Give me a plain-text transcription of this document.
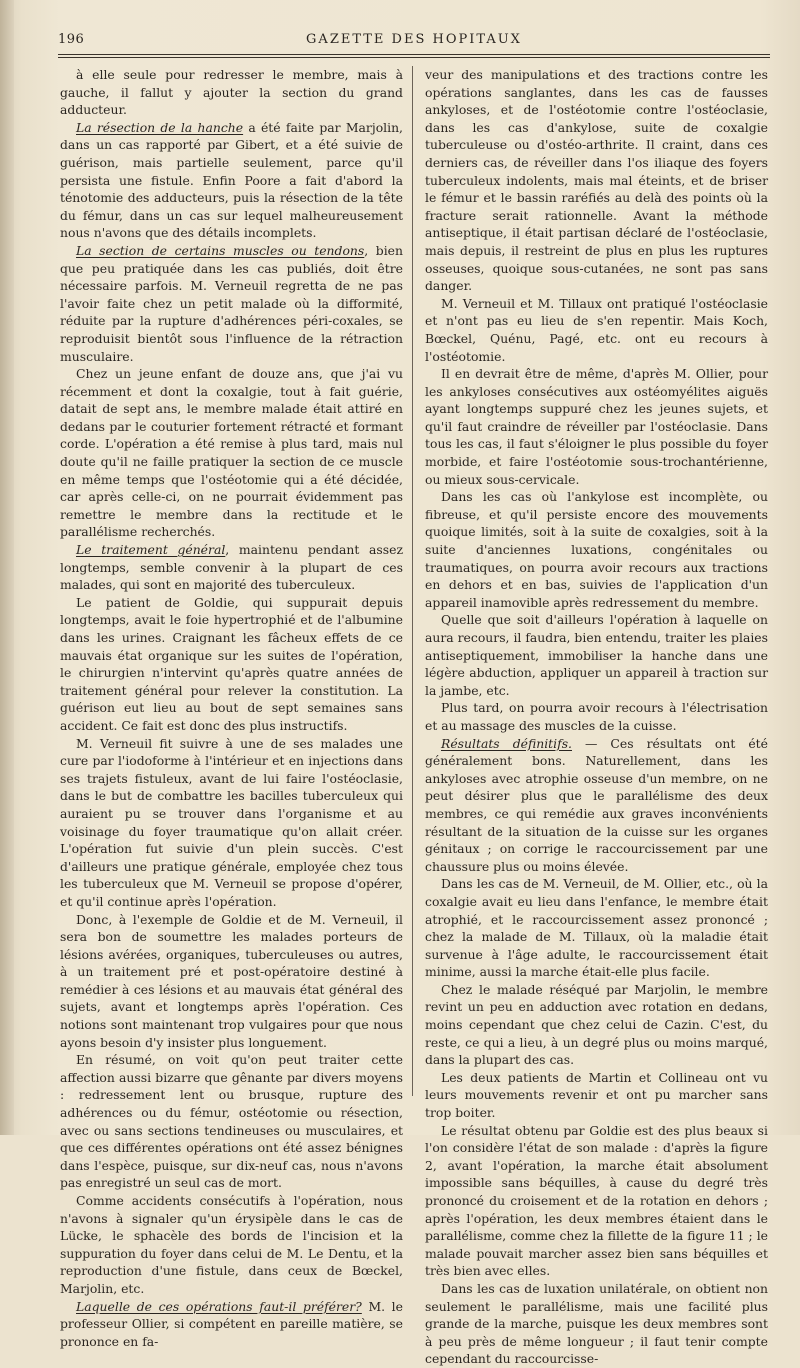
196	GAZETTE DES HOPITAUX

à elle seule pour redresser le membre, mais à gauche, il fallut y ajouter la section du grand adducteur.

La résection de la hanche a été faite par Marjolin, dans un cas rapporté par Gibert, et a été suivie de guérison, mais partielle seulement, parce qu'il persista une fistule. Enfin Poore a fait d'abord la ténotomie des adducteurs, puis la résection de la tête du fémur, dans un cas sur lequel malheureusement nous n'avons que des détails incomplets.

La section de certains muscles ou tendons, bien que peu pratiquée dans les cas publiés, doit être nécessaire parfois. M. Verneuil regretta de ne pas l'avoir faite chez un petit malade où la difformité, réduite par la rupture d'adhérences péri-coxales, se reproduisit bientôt sous l'influence de la rétraction musculaire.

Chez un jeune enfant de douze ans, que j'ai vu récemment et dont la coxalgie, tout à fait guérie, datait de sept ans, le membre malade était attiré en dedans par le couturier fortement rétracté et formant corde. L'opération a été remise à plus tard, mais nul doute qu'il ne faille pratiquer la section de ce muscle en même temps que l'ostéotomie qui a été décidée, car après celle-ci, on ne pourrait évidemment pas remettre le membre dans la rectitude et le parallélisme recherchés.

Le traitement général, maintenu pendant assez longtemps, semble convenir à la plupart de ces malades, qui sont en majorité des tuberculeux.

Le patient de Goldie, qui suppurait depuis longtemps, avait le foie hypertrophié et de l'albumine dans les urines. Craignant les fâcheux effets de ce mauvais état organique sur les suites de l'opération, le chirurgien n'intervint qu'après quatre années de traitement général pour relever la constitution. La guérison eut lieu au bout de sept semaines sans accident. Ce fait est donc des plus instructifs.

M. Verneuil fit suivre à une de ses malades une cure par l'iodoforme à l'intérieur et en injections dans ses trajets fistuleux, avant de lui faire l'ostéoclasie, dans le but de combattre les bacilles tuberculeux qui auraient pu se trouver dans l'organisme et au voisinage du foyer traumatique qu'on allait créer. L'opération fut suivie d'un plein succès. C'est d'ailleurs une pratique générale, employée chez tous les tuberculeux que M. Verneuil se propose d'opérer, et qu'il continue après l'opération.

Donc, à l'exemple de Goldie et de M. Verneuil, il sera bon de soumettre les malades porteurs de lésions avérées, organiques, tuberculeuses ou autres, à un traitement pré et post-opératoire destiné à remédier à ces lésions et au mauvais état général des sujets, avant et longtemps après l'opération. Ces notions sont maintenant trop vulgaires pour que nous ayons besoin d'y insister plus longuement.

En résumé, on voit qu'on peut traiter cette affection aussi bizarre que gênante par divers moyens : redressement lent ou brusque, rupture des adhérences ou du fémur, ostéotomie ou résection, avec ou sans sections tendineuses ou musculaires, et que ces différentes opérations ont été assez bénignes dans l'espèce, puisque, sur dix-neuf cas, nous n'avons pas enregistré un seul cas de mort.

Comme accidents consécutifs à l'opération, nous n'avons à signaler qu'un érysipèle dans le cas de Lücke, le sphacèle des bords de l'incision et la suppuration du foyer dans celui de M. Le Dentu, et la reproduction d'une fistule, dans ceux de Bœckel, Marjolin, etc.

Laquelle de ces opérations faut-il préférer? M. le professeur Ollier, si compétent en pareille matière, se prononce en fa-

veur des manipulations et des tractions contre les opérations sanglantes, dans les cas de fausses ankyloses, et de l'ostéotomie contre l'ostéoclasie, dans les cas d'ankylose, suite de coxalgie tuberculeuse ou d'ostéo-arthrite. Il craint, dans ces derniers cas, de réveiller dans l'os iliaque des foyers tuberculeux indolents, mais mal éteints, et de briser le fémur et le bassin raréfiés au delà des points où la fracture serait rationnelle. Avant la méthode antiseptique, il était partisan déclaré de l'ostéoclasie, mais depuis, il restreint de plus en plus les ruptures osseuses, quoique sous-cutanées, ne sont pas sans danger.

M. Verneuil et M. Tillaux ont pratiqué l'ostéoclasie et n'ont pas eu lieu de s'en repentir. Mais Koch, Bœckel, Quénu, Pagé, etc. ont eu recours à l'ostéotomie.

Il en devrait être de même, d'après M. Ollier, pour les ankyloses consécutives aux ostéomyélites aiguës ayant longtemps suppuré chez les jeunes sujets, et qu'il faut craindre de réveiller par l'ostéoclasie. Dans tous les cas, il faut s'éloigner le plus possible du foyer morbide, et faire l'ostéotomie sous-trochantérienne, ou mieux sous-cervicale.

Dans les cas où l'ankylose est incomplète, ou fibreuse, et qu'il persiste encore des mouvements quoique limités, soit à la suite de coxalgies, soit à la suite d'anciennes luxations, congénitales ou traumatiques, on pourra avoir recours aux tractions en dehors et en bas, suivies de l'application d'un appareil inamovible après redressement du membre.

Quelle que soit d'ailleurs l'opération à laquelle on aura recours, il faudra, bien entendu, traiter les plaies antiseptiquement, immobiliser la hanche dans une légère abduction, appliquer un appareil à traction sur la jambe, etc.

Plus tard, on pourra avoir recours à l'électrisation et au massage des muscles de la cuisse.

Résultats définitifs. — Ces résultats ont été généralement bons. Naturellement, dans les ankyloses avec atrophie osseuse d'un membre, on ne peut désirer plus que le parallélisme des deux membres, ce qui remédie aux graves inconvénients résultant de la situation de la cuisse sur les organes génitaux ; on corrige le raccourcissement par une chaussure plus ou moins élevée.

Dans les cas de M. Verneuil, de M. Ollier, etc., où la coxalgie avait eu lieu dans l'enfance, le membre était atrophié, et le raccourcissement assez prononcé ; chez la malade de M. Tillaux, où la maladie était survenue à l'âge adulte, le raccourcissement était minime, aussi la marche était-elle plus facile.

Chez le malade réséqué par Marjolin, le membre revint un peu en adduction avec rotation en dedans, moins cependant que chez celui de Cazin. C'est, du reste, ce qui a lieu, à un degré plus ou moins marqué, dans la plupart des cas.

Les deux patients de Martin et Collineau ont vu leurs mouvements revenir et ont pu marcher sans trop boiter.

Le résultat obtenu par Goldie est des plus beaux si l'on considère l'état de son malade : d'après la figure 2, avant l'opération, la marche était absolument impossible sans béquilles, à cause du degré très prononcé du croisement et de la rotation en dehors ; après l'opération, les deux membres étaient dans le parallélisme, comme chez la fillette de la figure 11 ; le malade pouvait marcher assez bien sans béquilles et très bien avec elles.

Dans les cas de luxation unilatérale, on obtient non seulement le parallélisme, mais une facilité plus grande de la marche, puisque les deux membres sont à peu près de même longueur ; il faut tenir compte cependant du raccourcisse-
